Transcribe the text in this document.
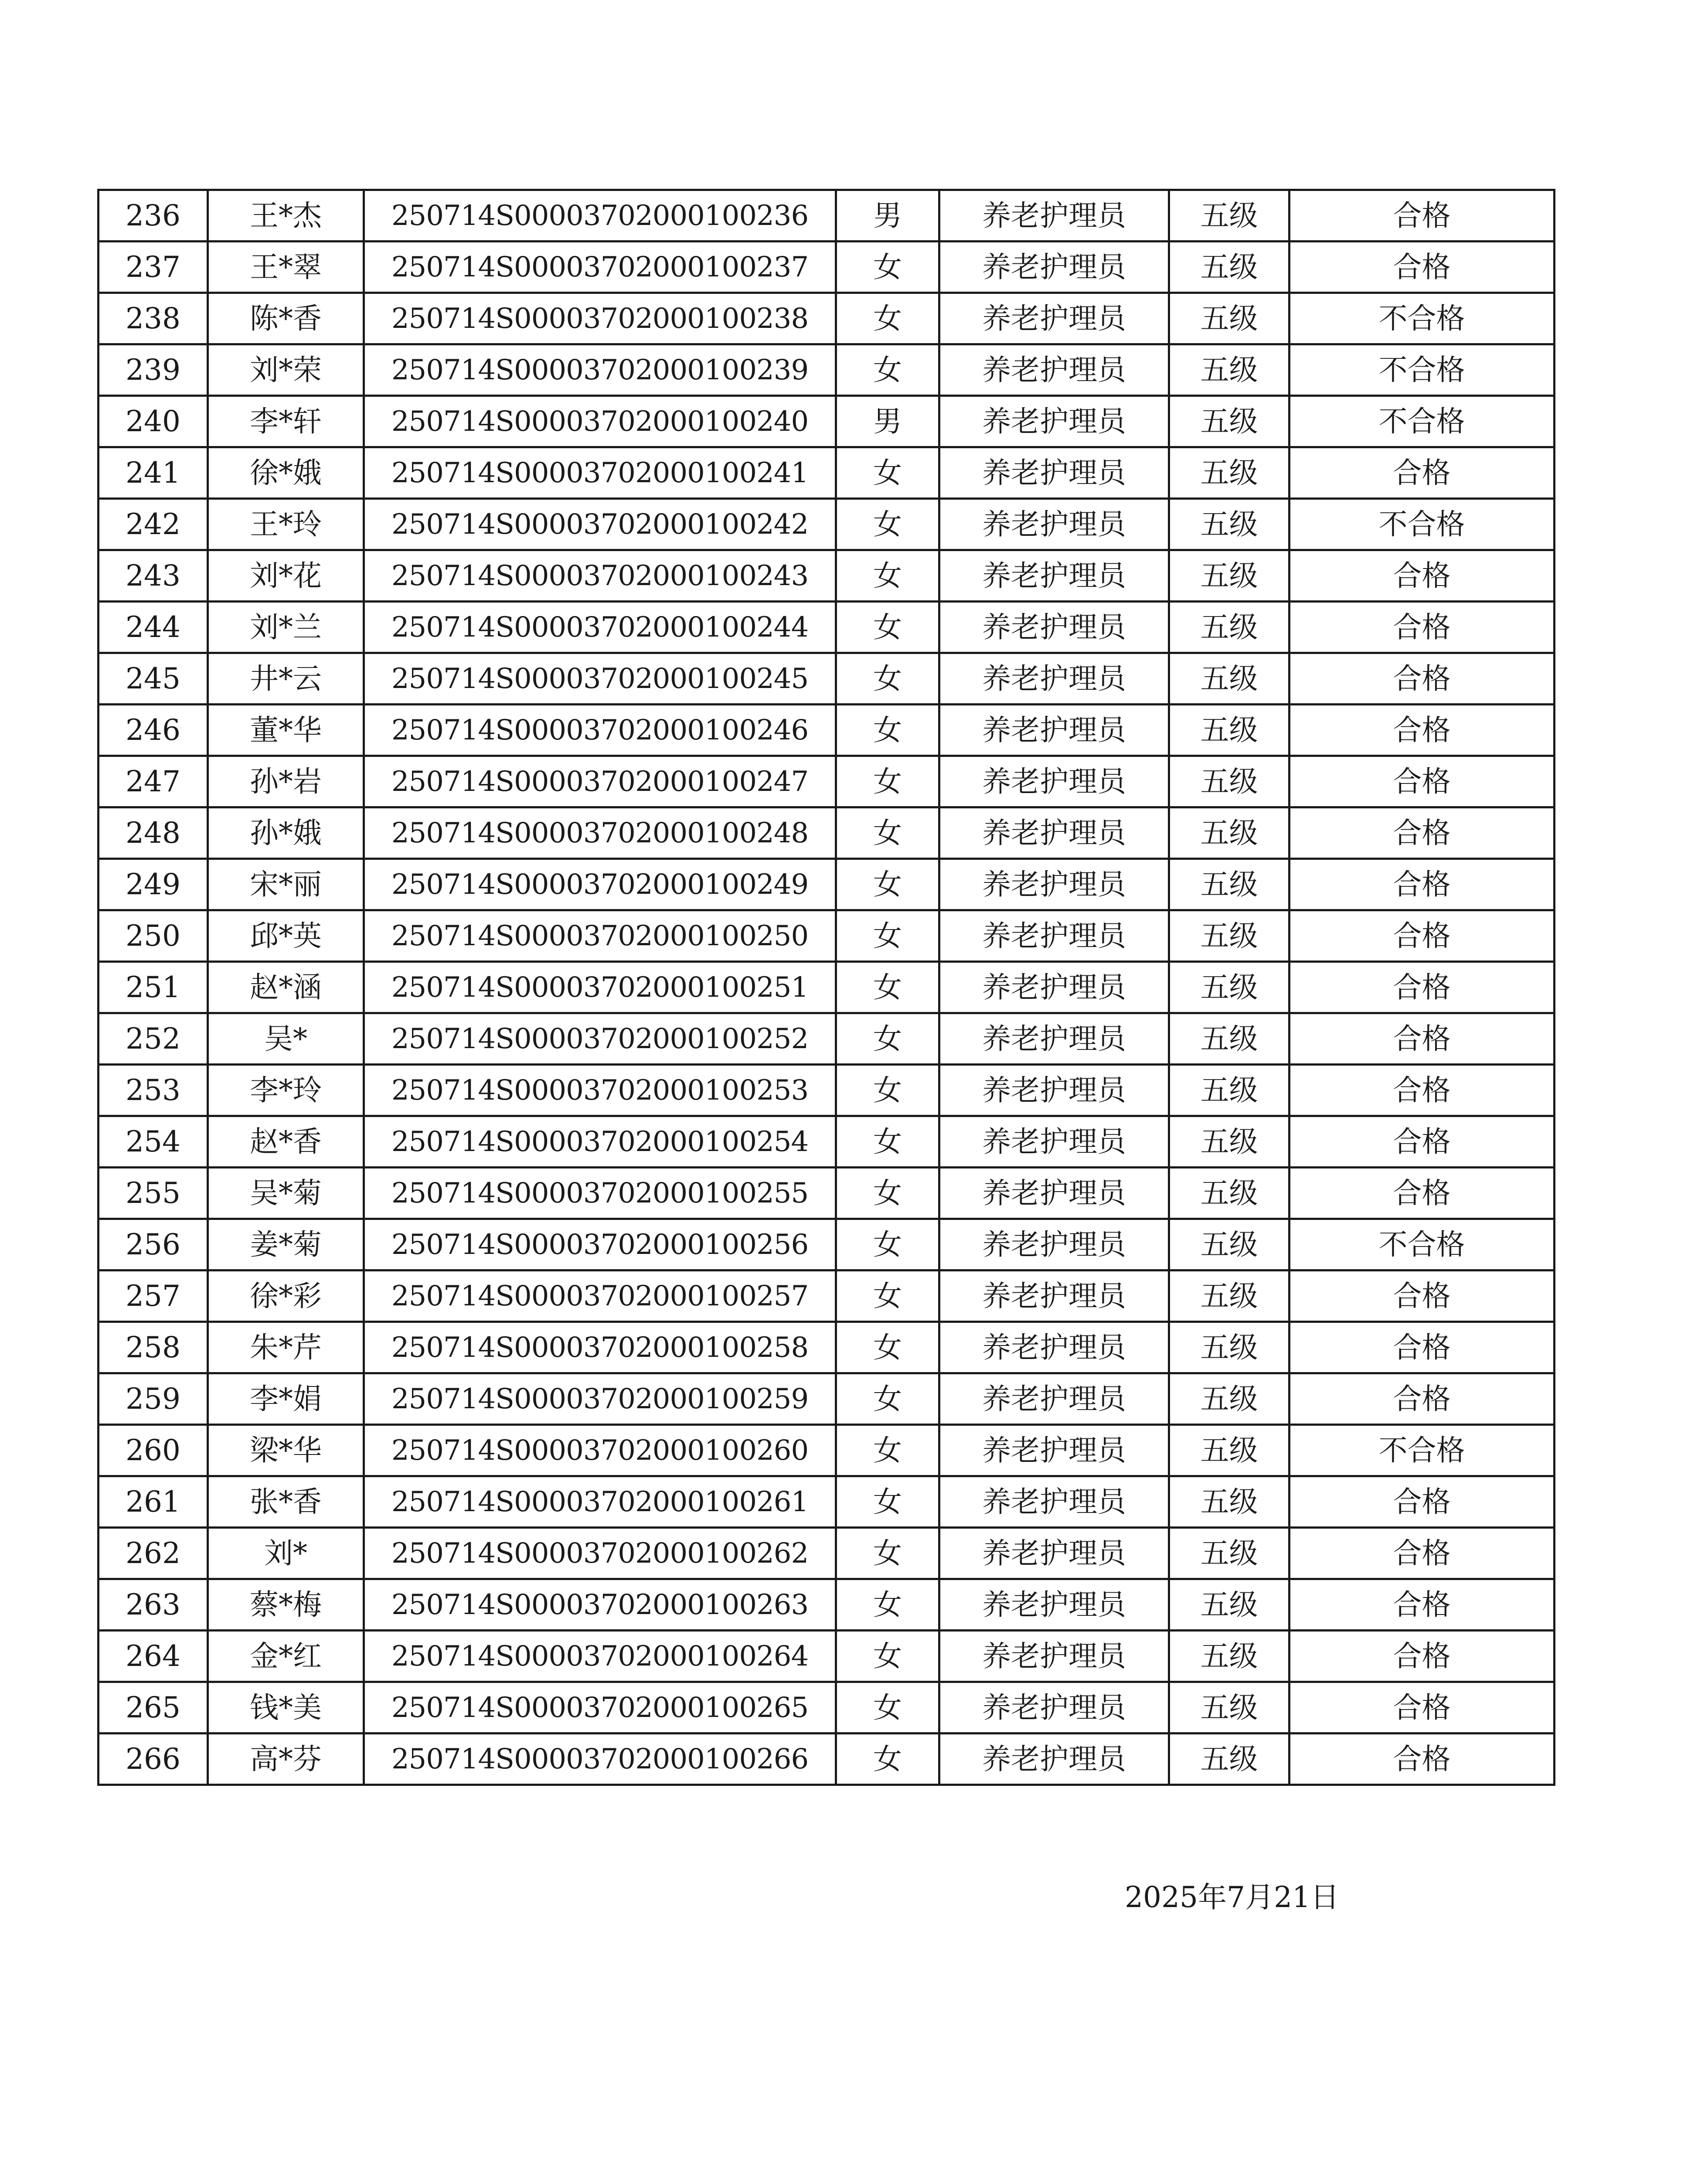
236	王*杰	250714S00003702000100236	男	养老护理员	五级	合格
237	王*翠	250714S00003702000100237	女	养老护理员	五级	合格
238	陈*香	250714S00003702000100238	女	养老护理员	五级	不合格
239	刘*荣	250714S00003702000100239	女	养老护理员	五级	不合格
240	李*轩	250714S00003702000100240	男	养老护理员	五级	不合格
241	徐*娥	250714S00003702000100241	女	养老护理员	五级	合格
242	王*玲	250714S00003702000100242	女	养老护理员	五级	不合格
243	刘*花	250714S00003702000100243	女	养老护理员	五级	合格
244	刘*兰	250714S00003702000100244	女	养老护理员	五级	合格
245	井*云	250714S00003702000100245	女	养老护理员	五级	合格
246	董*华	250714S00003702000100246	女	养老护理员	五级	合格
247	孙*岩	250714S00003702000100247	女	养老护理员	五级	合格
248	孙*娥	250714S00003702000100248	女	养老护理员	五级	合格
249	宋*丽	250714S00003702000100249	女	养老护理员	五级	合格
250	邱*英	250714S00003702000100250	女	养老护理员	五级	合格
251	赵*涵	250714S00003702000100251	女	养老护理员	五级	合格
252	吴*	250714S00003702000100252	女	养老护理员	五级	合格
253	李*玲	250714S00003702000100253	女	养老护理员	五级	合格
254	赵*香	250714S00003702000100254	女	养老护理员	五级	合格
255	吴*菊	250714S00003702000100255	女	养老护理员	五级	合格
256	姜*菊	250714S00003702000100256	女	养老护理员	五级	不合格
257	徐*彩	250714S00003702000100257	女	养老护理员	五级	合格
258	朱*芹	250714S00003702000100258	女	养老护理员	五级	合格
259	李*娟	250714S00003702000100259	女	养老护理员	五级	合格
260	梁*华	250714S00003702000100260	女	养老护理员	五级	不合格
261	张*香	250714S00003702000100261	女	养老护理员	五级	合格
262	刘*	250714S00003702000100262	女	养老护理员	五级	合格
263	蔡*梅	250714S00003702000100263	女	养老护理员	五级	合格
264	金*红	250714S00003702000100264	女	养老护理员	五级	合格
265	钱*美	250714S00003702000100265	女	养老护理员	五级	合格
266	高*芬	250714S00003702000100266	女	养老护理员	五级	合格
2025年7月21日
